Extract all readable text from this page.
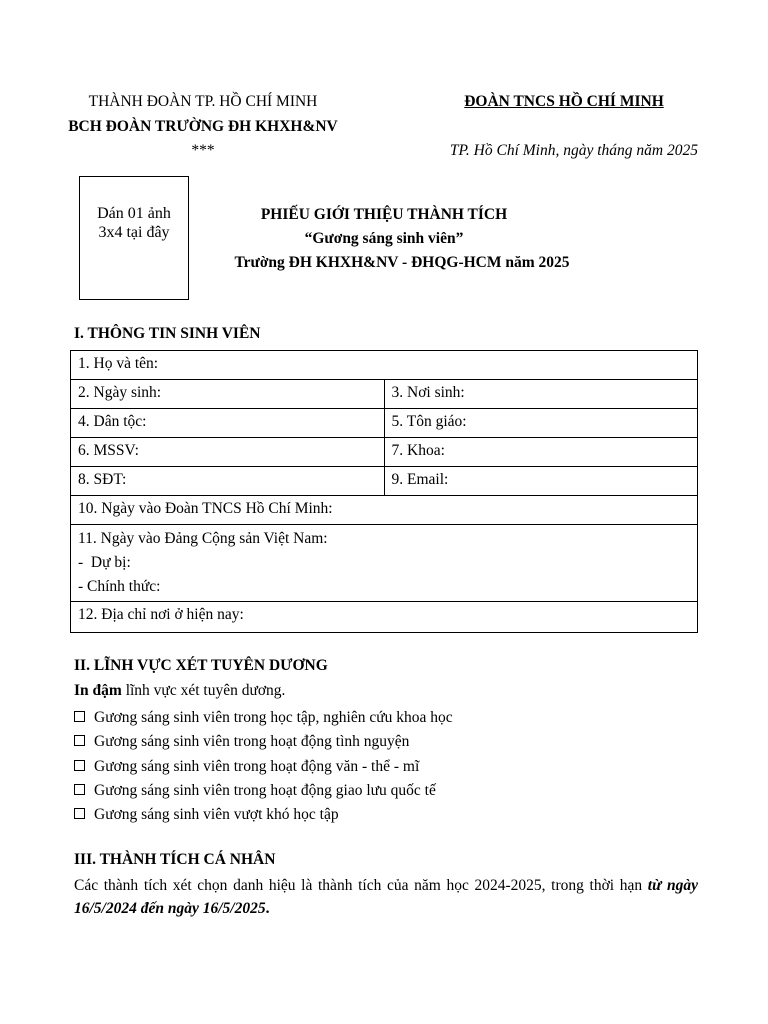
THÀNH ĐOÀN TP. HỒ CHÍ MINH
BCH ĐOÀN TRƯỜNG ĐH KHXH&NV
***
ĐOÀN TNCS HỒ CHÍ MINH
TP. Hồ Chí Minh, ngày tháng năm 2025
Dán 01 ảnh
3x4 tại đây
PHIẾU GIỚI THIỆU THÀNH TÍCH
“Gương sáng sinh viên”
Trường ĐH KHXH&NV - ĐHQG-HCM năm 2025
I. THÔNG TIN SINH VIÊN
1. Họ và tên:	
2. Ngày sinh:	3. Nơi sinh:
4. Dân tộc:	5. Tôn giáo:
6. MSSV:	7. Khoa:
8. SĐT:	9. Email:
10. Ngày vào Đoàn TNCS Hồ Chí Minh:	

11. Ngày vào Đảng Cộng sản Việt Nam:
-  Dự bị:
- Chính thức:	

12. Địa chỉ nơi ở hiện nay:	
II. LĨNH VỰC XÉT TUYÊN DƯƠNG
In đậm lĩnh vực xét tuyên dương.
Gương sáng sinh viên trong học tập, nghiên cứu khoa học
Gương sáng sinh viên trong hoạt động tình nguyện
Gương sáng sinh viên trong hoạt động văn - thể - mĩ
Gương sáng sinh viên trong hoạt động giao lưu quốc tế
Gương sáng sinh viên vượt khó học tập
III. THÀNH TÍCH CÁ NHÂN
Các thành tích xét chọn danh hiệu là thành tích của năm học 2024-2025, trong thời hạn từ ngày 16/5/2024 đến ngày 16/5/2025.
